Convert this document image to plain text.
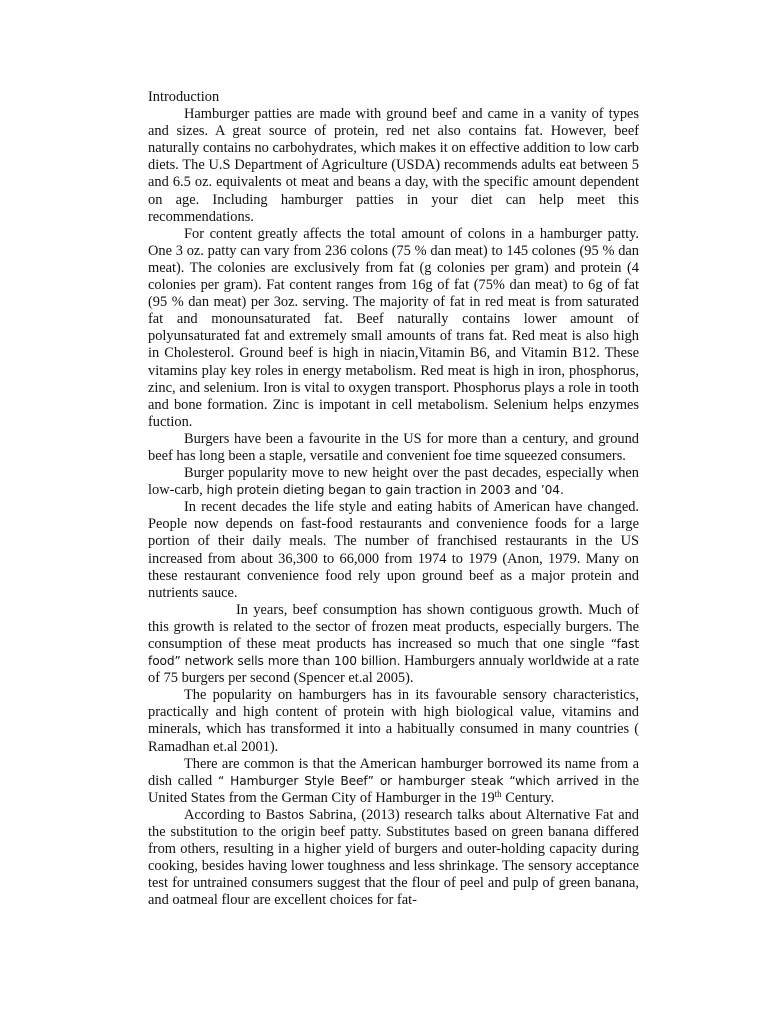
Introduction

Hamburger patties are made with ground beef and came in a vanity of types and sizes. A great source of protein, red net also contains fat. However, beef naturally contains no carbohydrates, which makes it on effective addition to low carb diets. The U.S Department of Agriculture (USDA) recommends adults eat between 5 and 6.5 oz. equivalents ot meat and beans a day, with the specific amount dependent on age. Including hamburger patties in your diet can help meet this recommendations.

For content greatly affects the total amount of colons in a hamburger patty. One 3 oz. patty can vary from 236 colons (75 % dan meat) to 145 colones (95 % dan meat). The colonies are exclusively from fat (g colonies per gram) and protein (4 colonies per gram). Fat content ranges from 16g of fat (75% dan meat) to 6g of fat (95 % dan meat) per 3oz. serving. The majority of fat in red meat is from saturated fat and monounsaturated fat. Beef naturally contains lower amount of polyunsaturated fat and extremely small amounts of trans fat. Red meat is also high in Cholesterol. Ground beef is high in niacin,Vitamin B6, and Vitamin B12. These vitamins play key roles in energy metabolism. Red meat is high in iron, phosphorus, zinc, and selenium. Iron is vital to oxygen transport. Phosphorus plays a role in tooth and bone formation. Zinc is impotant in cell metabolism. Selenium helps enzymes fuction.

Burgers have been a favourite in the US for more than a century, and ground beef has long been a staple, versatile and convenient foe time squeezed consumers.

Burger popularity move to new height over the past decades, especially when low-carb, high protein dieting began to gain traction in 2003 and ’04.

In recent decades the life style and eating habits of American have changed. People now depends on fast-food restaurants and convenience foods for a large portion of their daily meals. The number of franchised restaurants in the US increased from about 36,300 to 66,000 from 1974 to 1979 (Anon, 1979. Many on these restaurant convenience food rely upon ground beef as a major protein and nutrients sauce.

In years, beef consumption has shown contiguous growth. Much of this growth is related to the sector of frozen meat products, especially burgers. The consumption of these meat products has increased so much that one single “fast food” network sells more than 100 billion. Hamburgers annualy worldwide at a rate of 75 burgers per second (Spencer et.al 2005).

The popularity on hamburgers has in its favourable sensory characteristics, practically and high content of protein with high biological value, vitamins and minerals, which has transformed it into a habitually consumed in many countries ( Ramadhan et.al 2001).

There are common is that the American hamburger borrowed its name from a dish called “ Hamburger Style Beef” or hamburger steak “which arrived in the United States from the German City of Hamburger in the 19th Century.

According to Bastos Sabrina, (2013) research talks about Alternative Fat and the substitution to the origin beef patty. Substitutes based on green banana differed from others, resulting in a higher yield of burgers and outer-holding capacity during cooking, besides having lower toughness and less shrinkage. The sensory acceptance test for untrained consumers suggest that the flour of peel and pulp of green banana, and oatmeal flour are excellent choices for fat-
